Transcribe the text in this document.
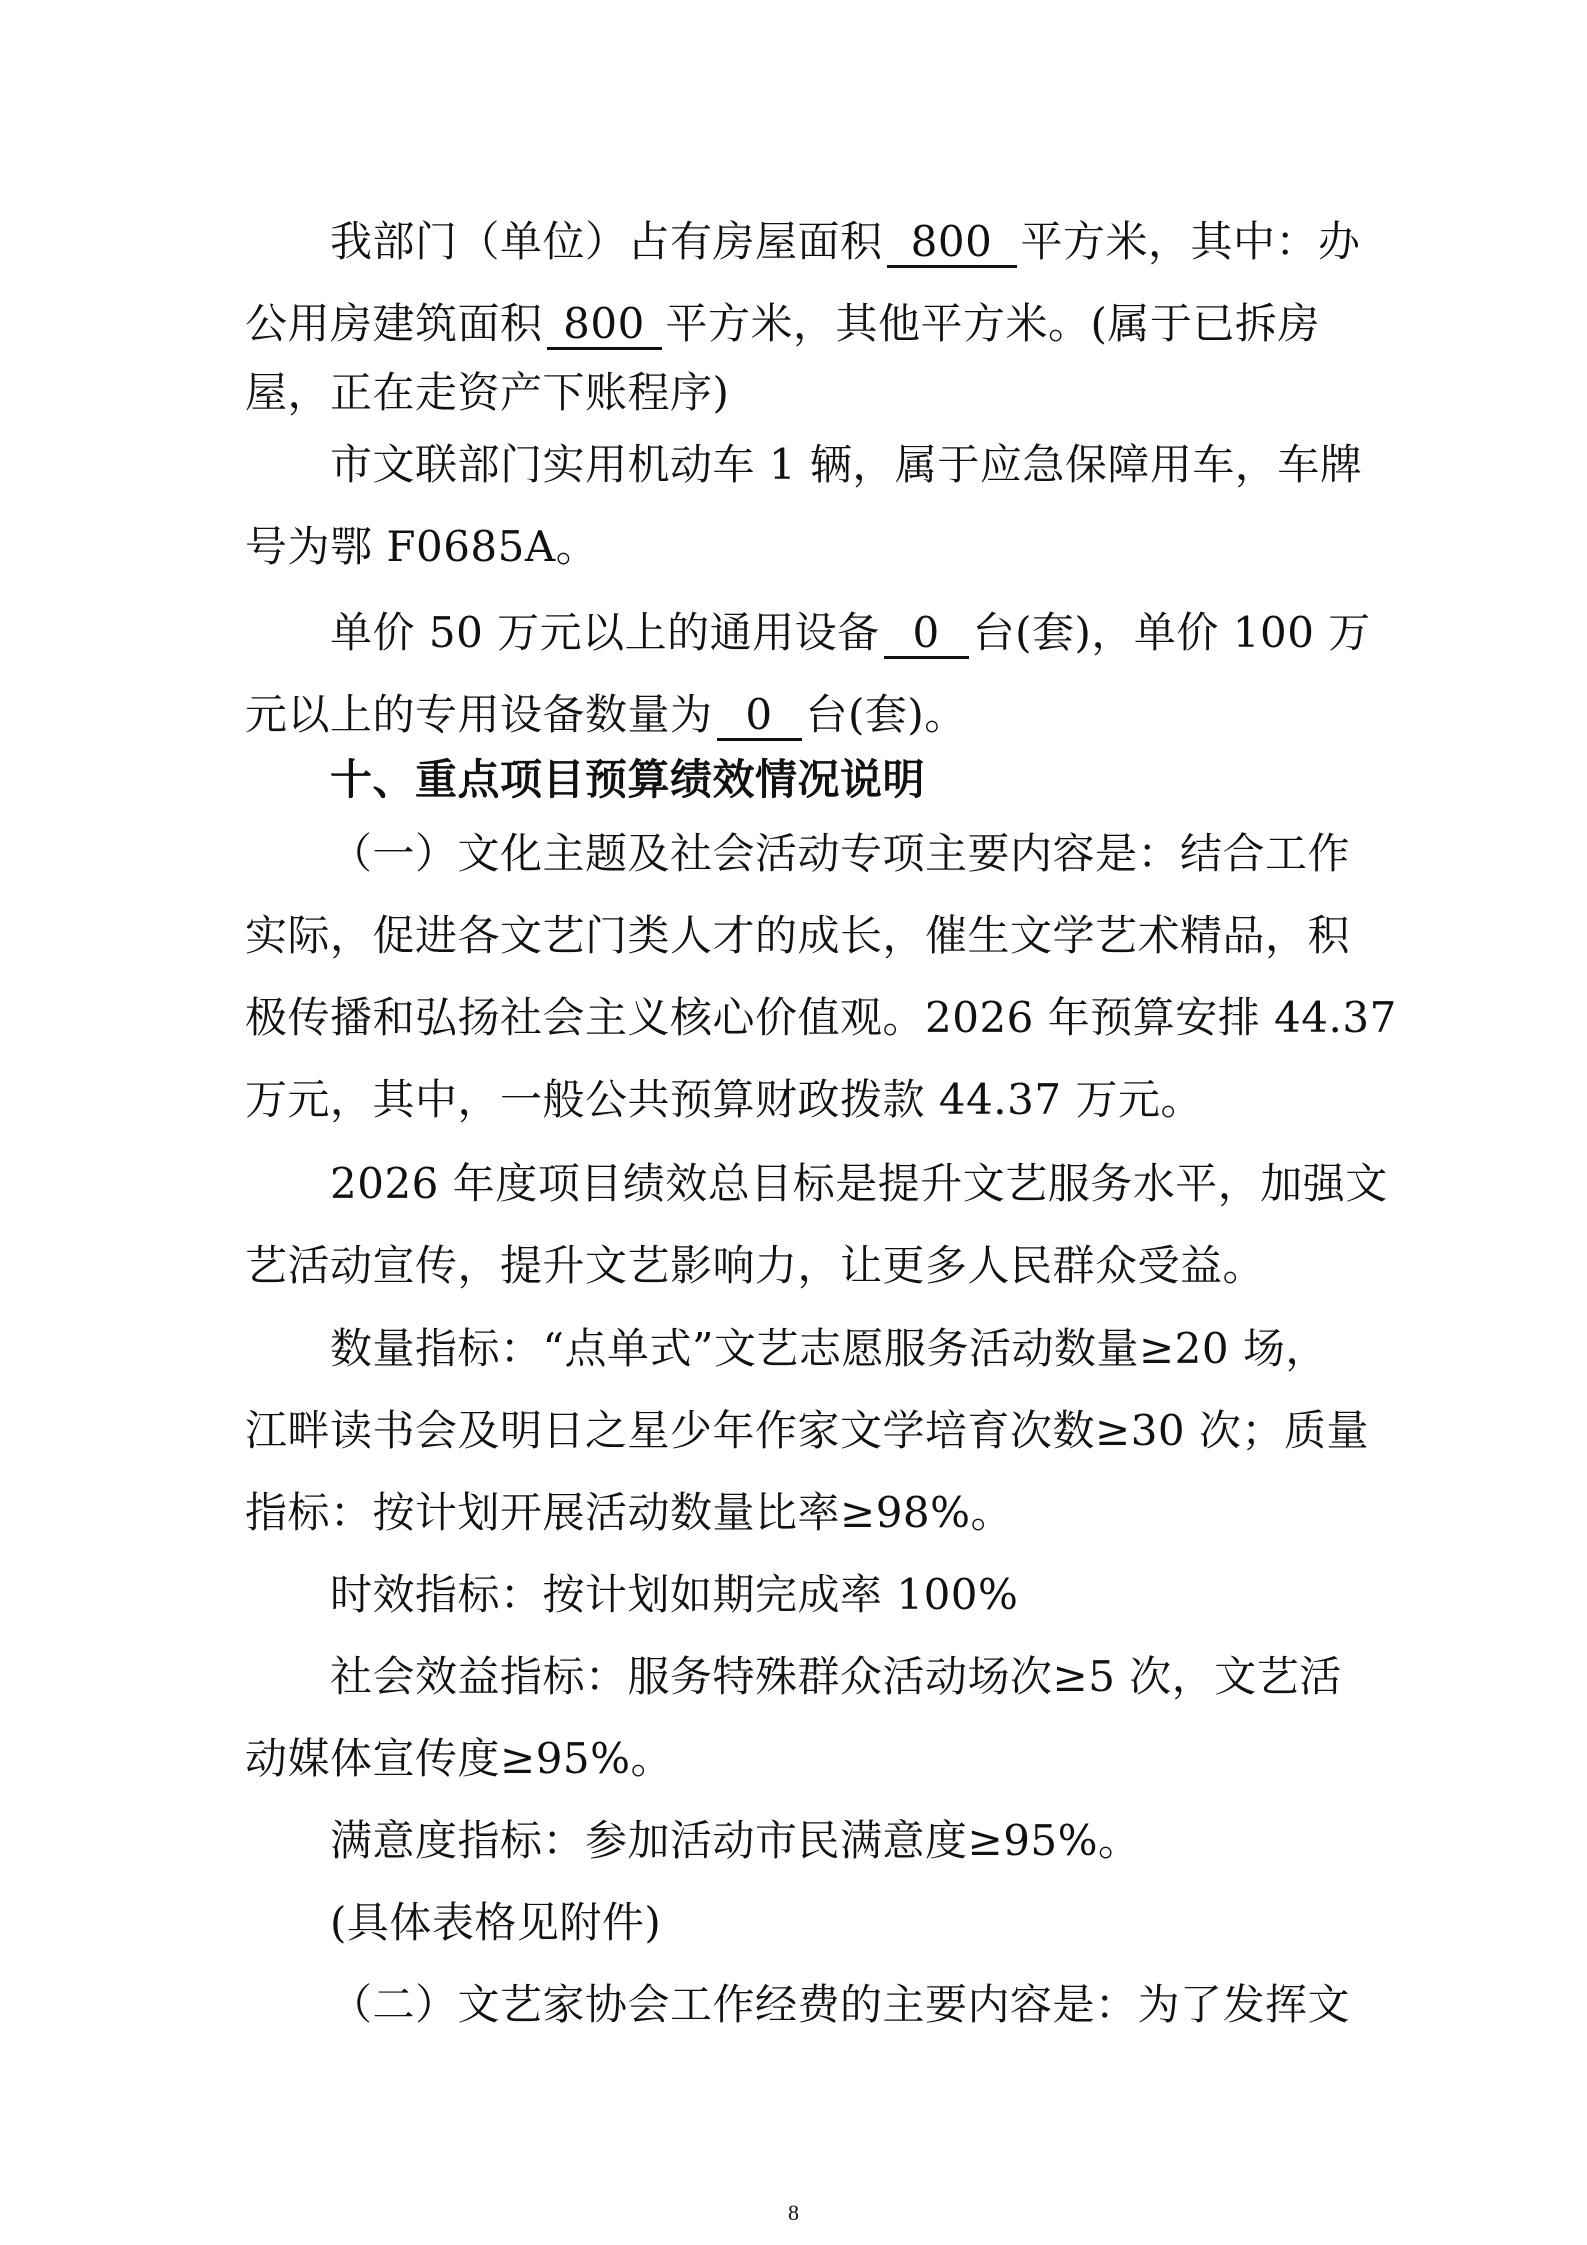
我部门（单位）占有房屋面积 800 平方米，其中：办
公用房建筑面积 800 平方米，其他平方米。(属于已拆房
屋，正在走资产下账程序)
市文联部门实用机动车 1 辆，属于应急保障用车，车牌
号为鄂 F0685A。
单价 50 万元以上的通用设备 0 台(套)，单价 100 万
元以上的专用设备数量为 0 台(套)。
十、重点项目预算绩效情况说明
（一）文化主题及社会活动专项主要内容是：结合工作
实际，促进各文艺门类人才的成长，催生文学艺术精品，积
极传播和弘扬社会主义核心价值观。2026 年预算安排 44.37
万元，其中，一般公共预算财政拨款 44.37 万元。
2026 年度项目绩效总目标是提升文艺服务水平，加强文
艺活动宣传，提升文艺影响力，让更多人民群众受益。
数量指标：“点单式”文艺志愿服务活动数量≥20 场，
江畔读书会及明日之星少年作家文学培育次数≥30 次；质量
指标：按计划开展活动数量比率≥98%。
时效指标：按计划如期完成率 100%
社会效益指标：服务特殊群众活动场次≥5 次，文艺活
动媒体宣传度≥95%。
满意度指标：参加活动市民满意度≥95%。
(具体表格见附件)
（二）文艺家协会工作经费的主要内容是：为了发挥文
8
